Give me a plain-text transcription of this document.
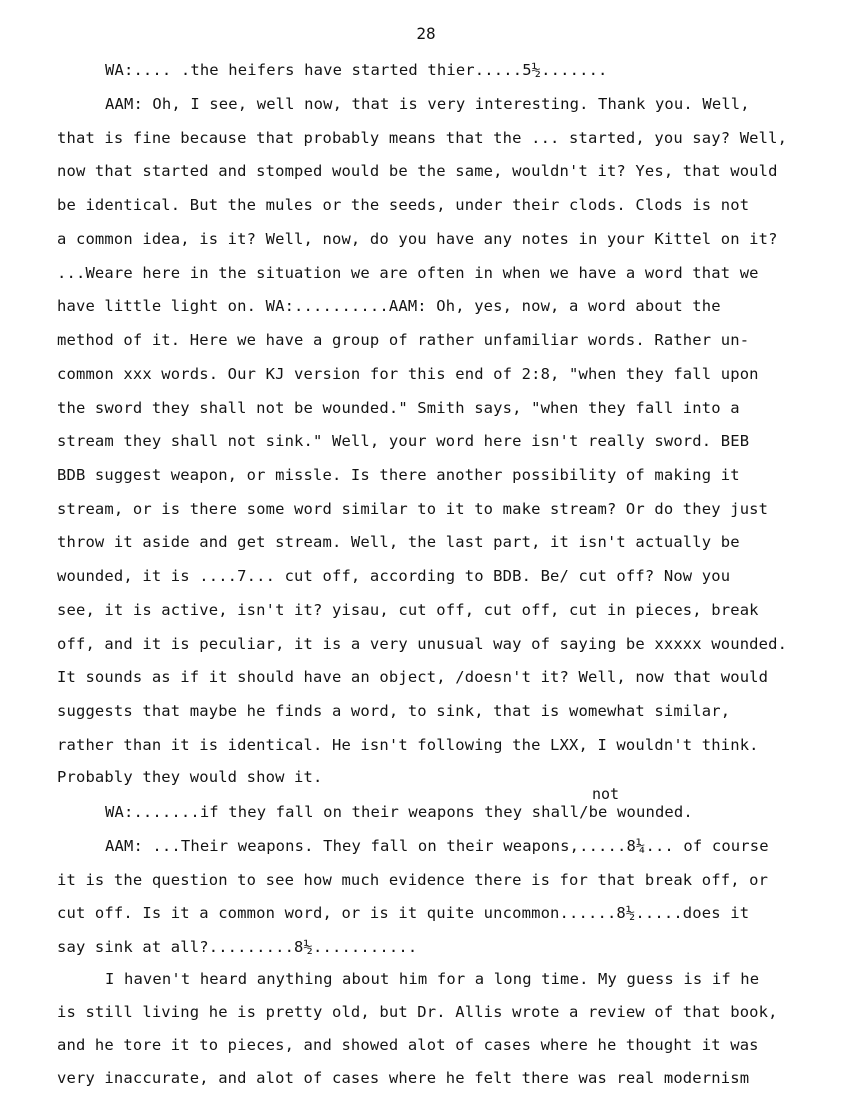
28
WA:.... .the heifers have started thier.....5½.......
AAM: Oh, I see, well now, that is very interesting. Thank you. Well,
that is fine because that probably means that the ... started, you say? Well,
now that started and stomped would be the same, wouldn't it? Yes, that would
be identical. But the mules or the seeds, under their clods. Clods is not
a common idea, is it? Well, now, do you have any notes in your Kittel on it?
...Weare here in the situation we are often in when we have a word that we
have little light on. WA:..........AAM: Oh, yes, now, a word about the
method of it. Here we have a group of rather unfamiliar words. Rather un-
common xxx words. Our KJ version for this end of 2:8, "when they fall upon
the sword they shall not be wounded." Smith says, "when they fall into a
stream they shall not sink." Well, your word here isn't really sword. BEB
BDB suggest weapon, or missle. Is there another possibility of making it
stream, or is there some word similar to it to make stream? Or do they just
throw it aside and get stream. Well, the last part, it isn't actually be
wounded, it is ....7... cut off, according to BDB. Be/ cut off? Now you
see, it is active, isn't it? yisau, cut off, cut off, cut in pieces, break
off, and it is peculiar, it is a very unusual way of saying be xxxxx wounded.
It sounds as if it should have an object, /doesn't it? Well, now that would
suggests that maybe he finds a word, to sink, that is womewhat similar,
rather than it is identical. He isn't following the LXX, I wouldn't think.
Probably they would show it.
not
WA:.......if they fall on their weapons they shall/be wounded.
AAM: ...Their weapons. They fall on their weapons,.....8¼... of course
it is the question to see how much evidence there is for that break off, or
cut off. Is it a common word, or is it quite uncommon......8½.....does it
say sink at all?.........8½...........
I haven't heard anything about him for a long time. My guess is if he
is still living he is pretty old, but Dr. Allis wrote a review of that book,
and he tore it to pieces, and showed alot of cases where he thought it was
very inaccurate, and alot of cases where he felt there was real modernism
